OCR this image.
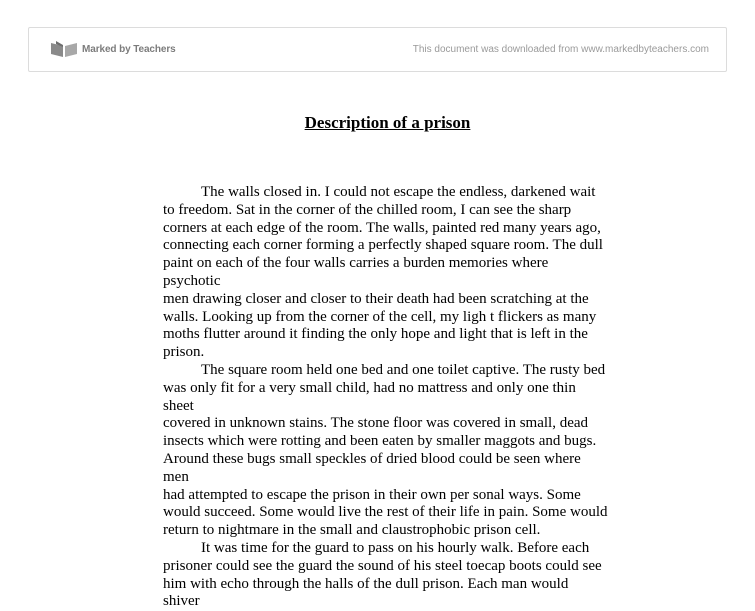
Marked by Teachers	This document was downloaded from www.markedbyteachers.com
Description of a prison

The walls closed in. I could not escape the endless, darkened wait
to freedom. Sat in the corner of the chilled room, I can see the sharp
corners at each edge of the room. The walls, painted red many years ago,
connecting each corner forming a perfectly shaped square room. The dull
paint on each of the four walls carries a burden memories where psychotic
men drawing closer and closer to their death had been scratching at the
walls. Looking up from the corner of the cell, my ligh t flickers as many
moths flutter around it finding the only hope and light that is left in the
prison.

The square room held one bed and one toilet captive. The rusty bed
was only fit for a very small child, had no mattress and only one thin sheet
covered in unknown stains. The stone floor was covered in small, dead
insects which were rotting and been eaten by smaller maggots and bugs.
Around these bugs small speckles of dried blood could be seen where men
had attempted to escape the prison in their own per sonal ways. Some
would succeed. Some would live the rest of their life in pain. Some would
return to nightmare in the small and claustrophobic prison cell.

It was time for the guard to pass on his hourly walk. Before each
prisoner could see the guard the sound of his steel toecap boots could see
him with echo through the halls of the dull prison. Each man would shiver
